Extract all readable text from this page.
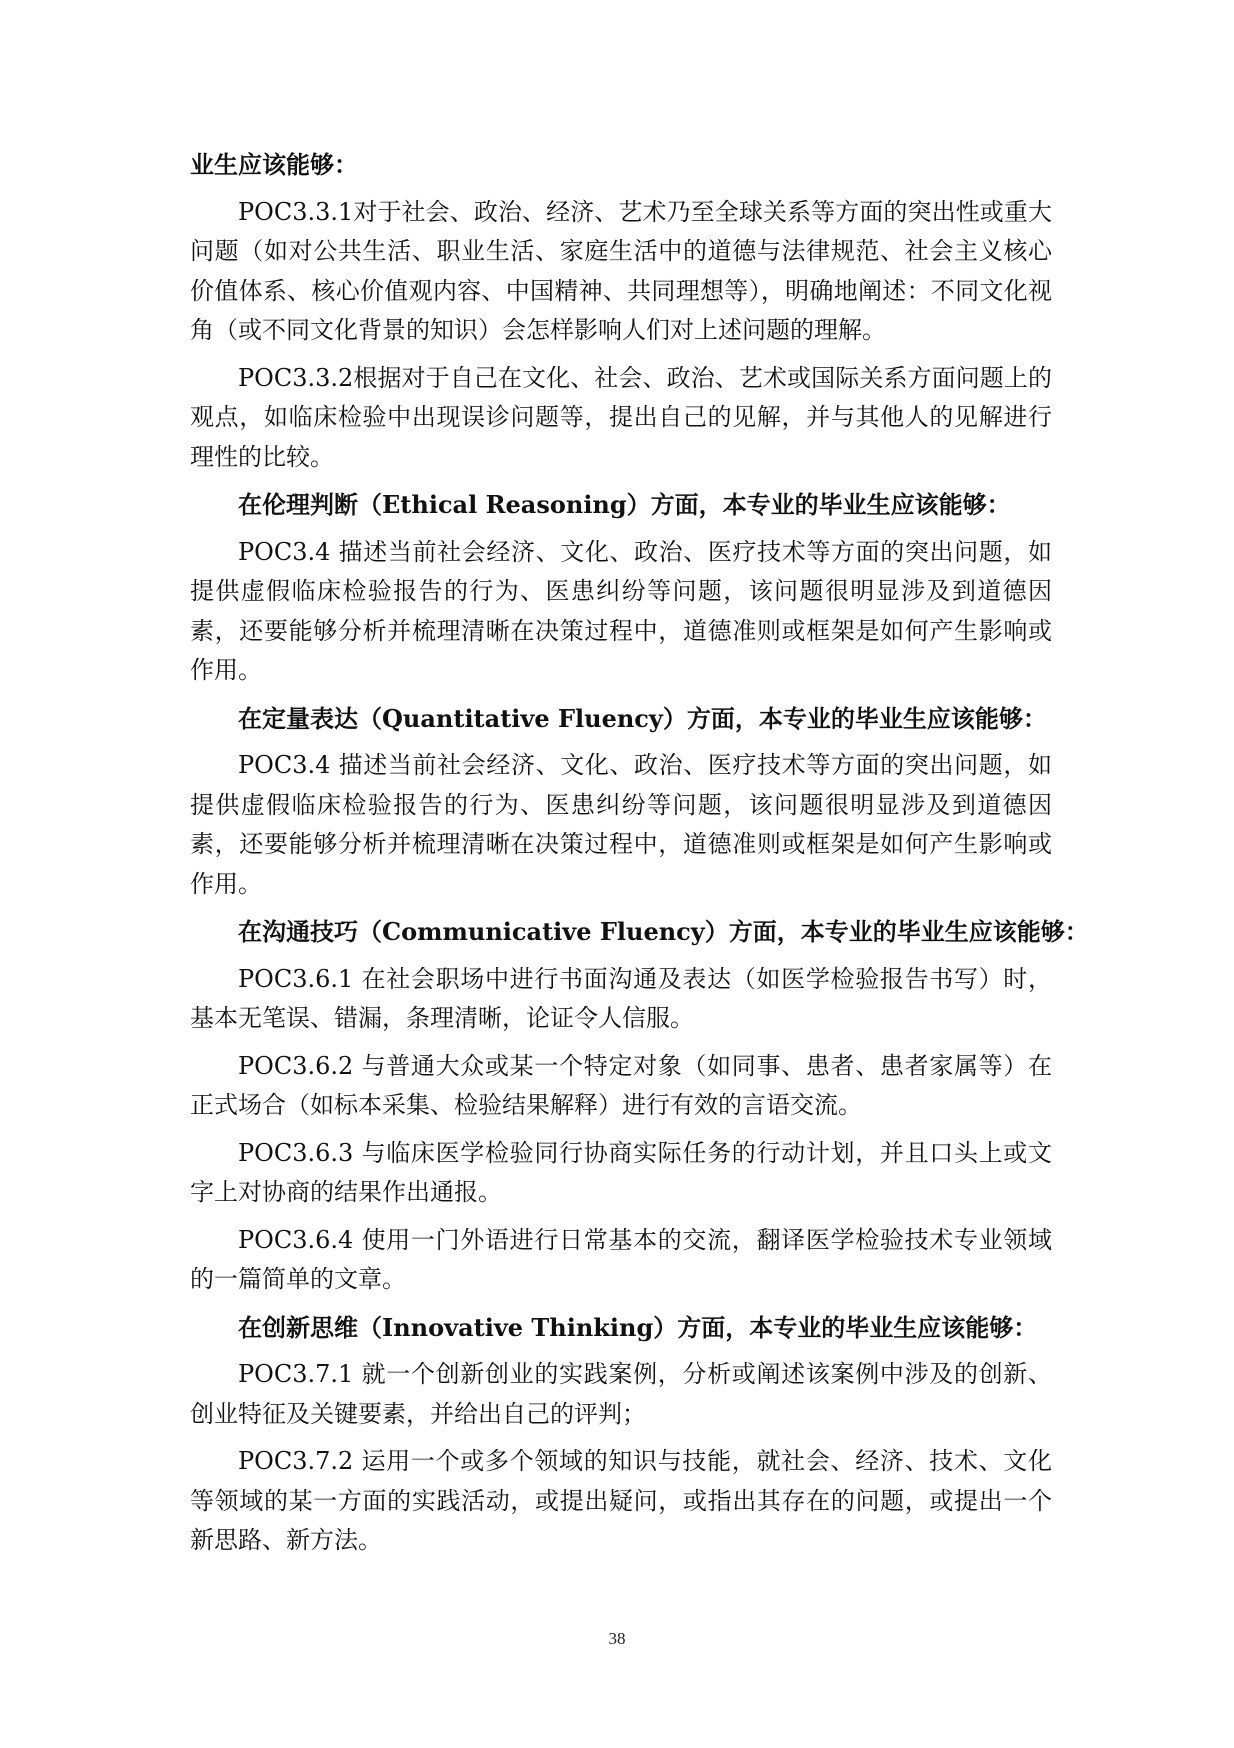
业生应该能够：

POC3.3.1对于社会、政治、经济、艺术乃至全球关系等方面的突出性或重大问题（如对公共生活、职业生活、家庭生活中的道德与法律规范、社会主义核心价值体系、核心价值观内容、中国精神、共同理想等），明确地阐述：不同文化视角（或不同文化背景的知识）会怎样影响人们对上述问题的理解。

POC3.3.2根据对于自己在文化、社会、政治、艺术或国际关系方面问题上的观点，如临床检验中出现误诊问题等，提出自己的见解，并与其他人的见解进行理性的比较。

在伦理判断（Ethical Reasoning）方面，本专业的毕业生应该能够：

POC3.4 描述当前社会经济、文化、政治、医疗技术等方面的突出问题，如提供虚假临床检验报告的行为、医患纠纷等问题，该问题很明显涉及到道德因素，还要能够分析并梳理清晰在决策过程中，道德准则或框架是如何产生影响或作用。

在定量表达（Quantitative Fluency）方面，本专业的毕业生应该能够：

POC3.4 描述当前社会经济、文化、政治、医疗技术等方面的突出问题，如提供虚假临床检验报告的行为、医患纠纷等问题，该问题很明显涉及到道德因素，还要能够分析并梳理清晰在决策过程中，道德准则或框架是如何产生影响或作用。

在沟通技巧（Communicative Fluency）方面，本专业的毕业生应该能够：

POC3.6.1 在社会职场中进行书面沟通及表达（如医学检验报告书写）时，基本无笔误、错漏，条理清晰，论证令人信服。

POC3.6.2 与普通大众或某一个特定对象（如同事、患者、患者家属等）在正式场合（如标本采集、检验结果解释）进行有效的言语交流。

POC3.6.3 与临床医学检验同行协商实际任务的行动计划，并且口头上或文字上对协商的结果作出通报。

POC3.6.4 使用一门外语进行日常基本的交流，翻译医学检验技术专业领域的一篇简单的文章。

在创新思维（Innovative Thinking）方面，本专业的毕业生应该能够：

POC3.7.1 就一个创新创业的实践案例，分析或阐述该案例中涉及的创新、创业特征及关键要素，并给出自己的评判；

POC3.7.2 运用一个或多个领域的知识与技能，就社会、经济、技术、文化等领域的某一方面的实践活动，或提出疑问，或指出其存在的问题，或提出一个新思路、新方法。

38
